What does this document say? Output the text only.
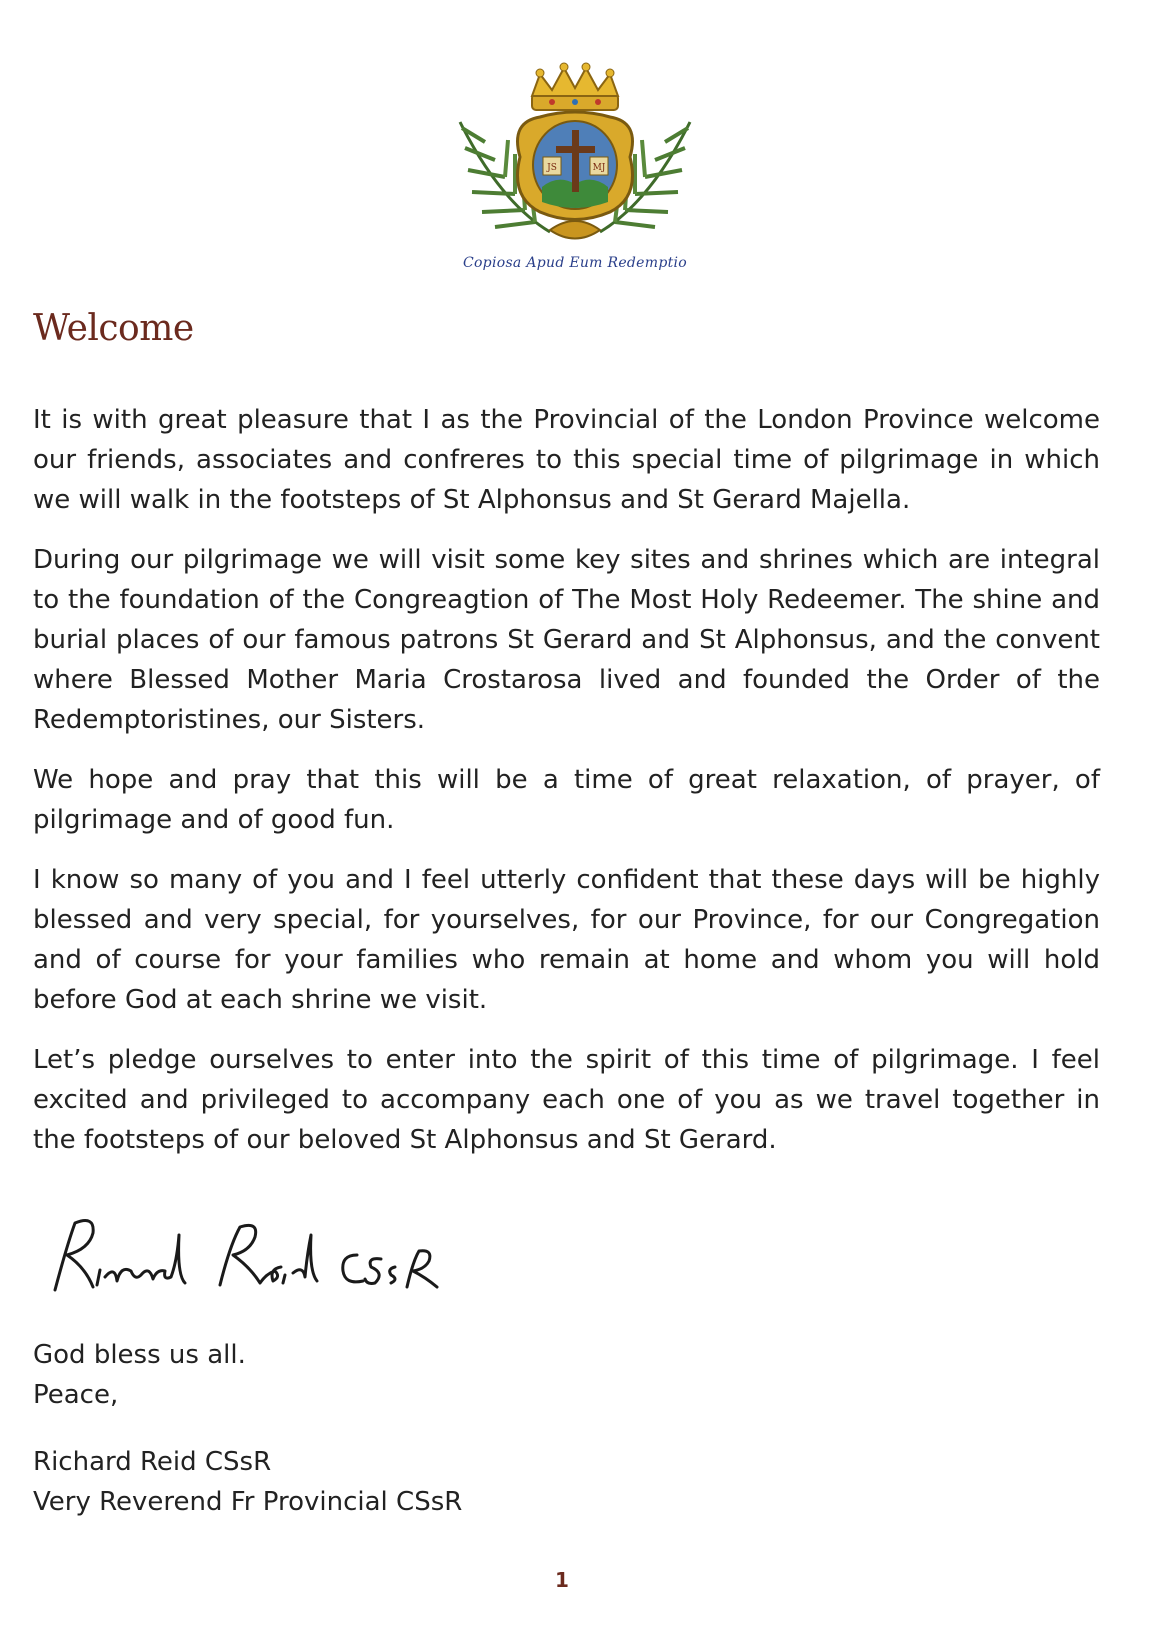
JS	MJ
Copiosa Apud Eum Redemptio
Welcome

It is with great pleasure that I as the Provincial of the London Province welcome our friends, associates and confreres to this special time of pilgrimage in which we will walk in the footsteps of St Alphonsus and St Gerard Majella.

During our pilgrimage we will visit some key sites and shrines which are integral to the foundation of the Congreagtion of The Most Holy Redeemer. The shine and burial places of our famous patrons St Gerard and St Alphonsus, and the convent where Blessed Mother Maria Crostarosa lived and founded the Order of the Redemptoristines, our Sisters.

We hope and pray that this will be a time of great relaxation, of prayer, of pilgrimage and of good fun.

I know so many of you and I feel utterly confident that these days will be highly blessed and very special, for yourselves, for our Province, for our Congregation and of course for your families who remain at home and whom you will hold before God at each shrine we visit.

Let’s pledge ourselves to enter into the spirit of this time of pilgrimage. I feel excited and privileged to accompany each one of you as we travel together in the footsteps of our beloved St Alphonsus and St Gerard.

God bless us all.
Peace,
Richard Reid CSsR
Very Reverend Fr Provincial CSsR
1
